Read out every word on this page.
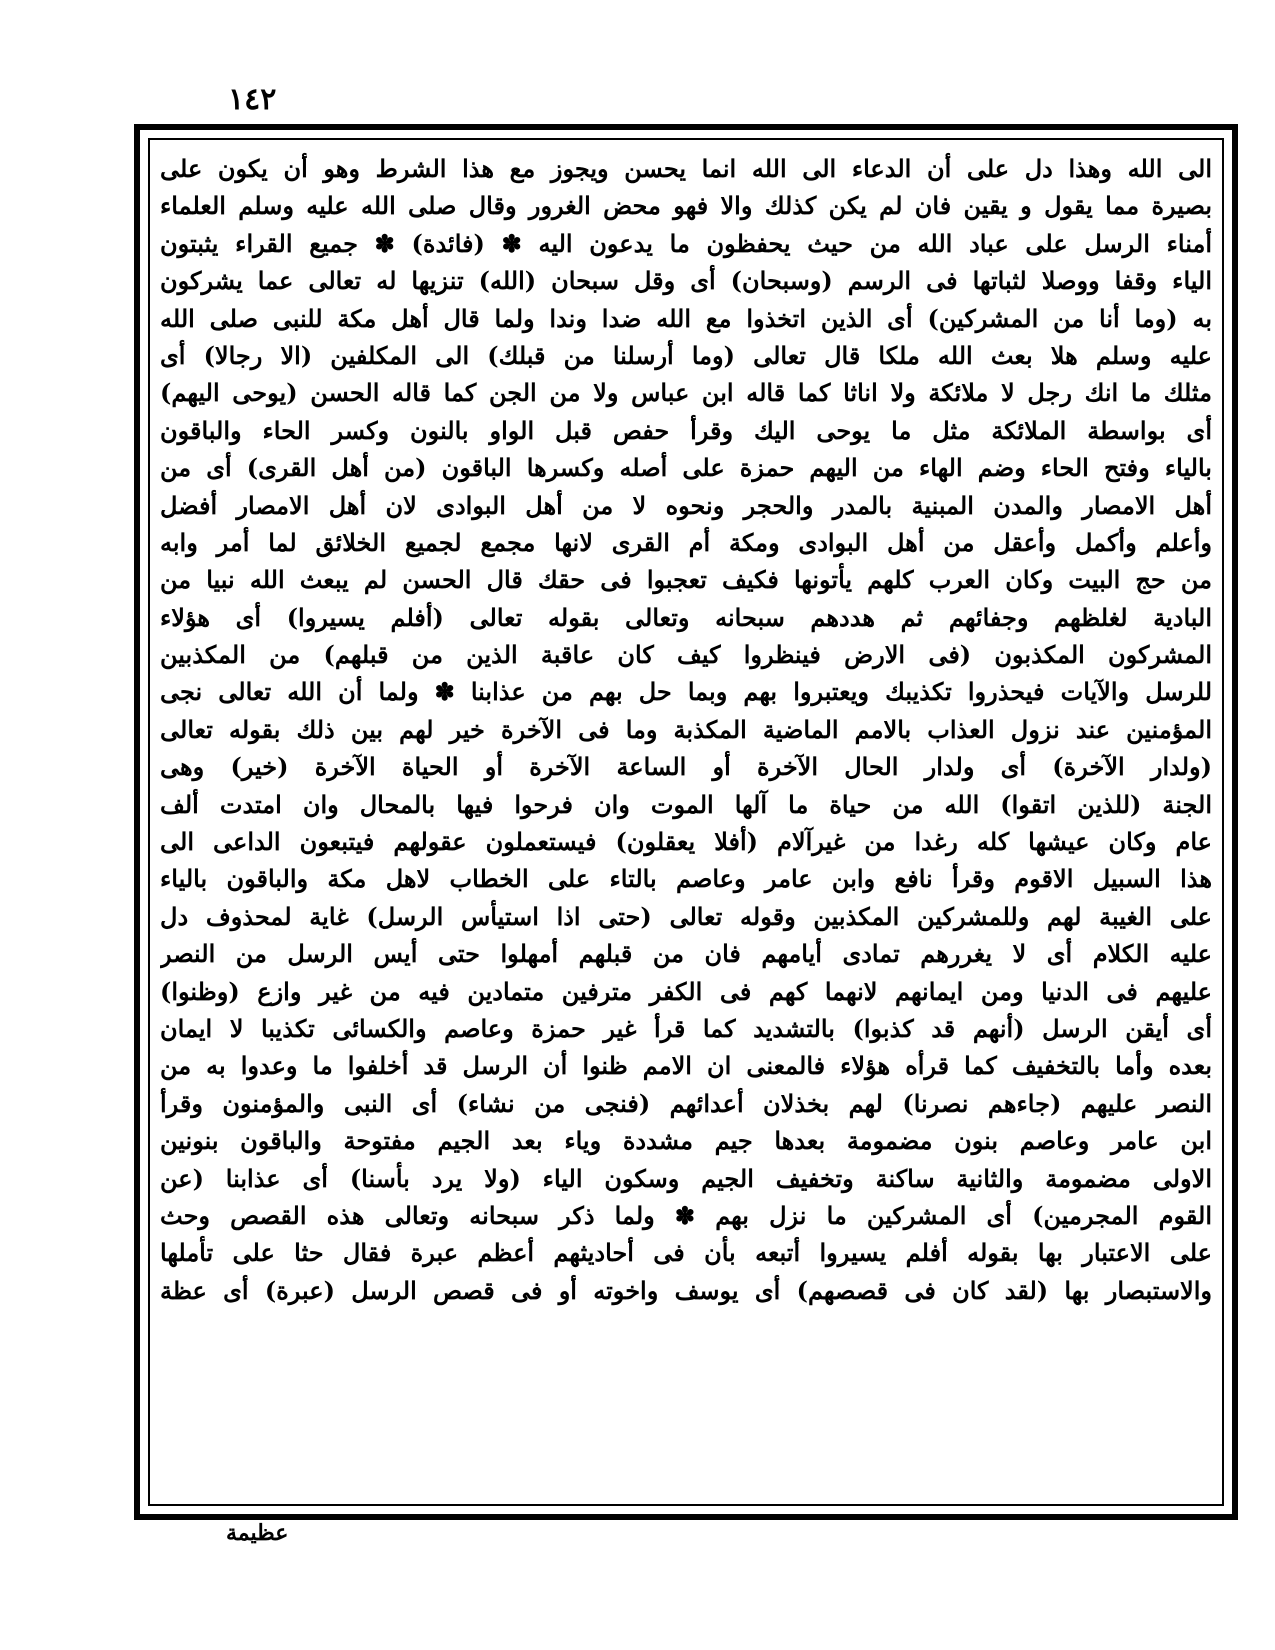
١٤٢
الى الله وهذا دل على أن الدعاء الى الله انما يحسن ويجوز مع هذا الشرط وهو أن يكون على
بصيرة مما يقول و يقين فان لم يكن كذلك والا فهو محض الغرور وقال صلى الله عليه وسلم العلماء
أمناء الرسل على عباد الله من حيث يحفظون ما يدعون اليه ✽ (فائدة) ✽ جميع القراء يثبتون
الياء وقفا ووصلا لثباتها فى الرسم (وسبحان) أى وقل سبحان (الله) تنزيها له تعالى عما يشركون
به (وما أنا من المشركين) أى الذين اتخذوا مع الله ضدا وندا ولما قال أهل مكة للنبى صلى الله
عليه وسلم هلا بعث الله ملكا قال تعالى (وما أرسلنا من قبلك) الى المكلفين (الا رجالا) أى
مثلك ما انك رجل لا ملائكة ولا اناثا كما قاله ابن عباس ولا من الجن كما قاله الحسن (يوحى اليهم)
أى بواسطة الملائكة مثل ما يوحى اليك وقرأ حفص قبل الواو بالنون وكسر الحاء والباقون
بالياء وفتح الحاء وضم الهاء من اليهم حمزة على أصله وكسرها الباقون (من أهل القرى) أى من
أهل الامصار والمدن المبنية بالمدر والحجر ونحوه لا من أهل البوادى لان أهل الامصار أفضل
وأعلم وأكمل وأعقل من أهل البوادى ومكة أم القرى لانها مجمع لجميع الخلائق لما أمر وابه
من حج البيت وكان العرب كلهم يأتونها فكيف تعجبوا فى حقك قال الحسن لم يبعث الله نبيا من
البادية لغلظهم وجفائهم ثم هددهم سبحانه وتعالى بقوله تعالى (أفلم يسيروا) أى هؤلاء
المشركون المكذبون (فى الارض فينظروا كيف كان عاقبة الذين من قبلهم) من المكذبين
للرسل والآيات فيحذروا تكذيبك ويعتبروا بهم وبما حل بهم من عذابنا ✽ ولما أن الله تعالى نجى
المؤمنين عند نزول العذاب بالامم الماضية المكذبة وما فى الآخرة خير لهم بين ذلك بقوله تعالى
(ولدار الآخرة) أى ولدار الحال الآخرة أو الساعة الآخرة أو الحياة الآخرة (خير) وهى
الجنة (للذين اتقوا) الله من حياة ما آلها الموت وان فرحوا فيها بالمحال وان امتدت ألف
عام وكان عيشها كله رغدا من غيرآلام (أفلا يعقلون) فيستعملون عقولهم فيتبعون الداعى الى
هذا السبيل الاقوم وقرأ نافع وابن عامر وعاصم بالتاء على الخطاب لاهل مكة والباقون بالياء
على الغيبة لهم وللمشركين المكذبين وقوله تعالى (حتى اذا استيأس الرسل) غاية لمحذوف دل
عليه الكلام أى لا يغررهم تمادى أيامهم فان من قبلهم أمهلوا حتى أيس الرسل من النصر
عليهم فى الدنيا ومن ايمانهم لانهما كهم فى الكفر مترفين متمادين فيه من غير وازع (وظنوا)
أى أيقن الرسل (أنهم قد كذبوا) بالتشديد كما قرأ غير حمزة وعاصم والكسائى تكذيبا لا ايمان
بعده وأما بالتخفيف كما قرأه هؤلاء فالمعنى ان الامم ظنوا أن الرسل قد أخلفوا ما وعدوا به من
النصر عليهم (جاءهم نصرنا) لهم بخذلان أعدائهم (فنجى من نشاء) أى النبى والمؤمنون وقرأ
ابن عامر وعاصم بنون مضمومة بعدها جيم مشددة وياء بعد الجيم مفتوحة والباقون بنونين
الاولى مضمومة والثانية ساكنة وتخفيف الجيم وسكون الياء (ولا يرد بأسنا) أى عذابنا (عن
القوم المجرمين) أى المشركين ما نزل بهم ✽ ولما ذكر سبحانه وتعالى هذه القصص وحث
على الاعتبار بها بقوله أفلم يسيروا أتبعه بأن فى أحاديثهم أعظم عبرة فقال حثا على تأملها
والاستبصار بها (لقد كان فى قصصهم) أى يوسف واخوته أو فى قصص الرسل (عبرة) أى عظة
عظيمة
